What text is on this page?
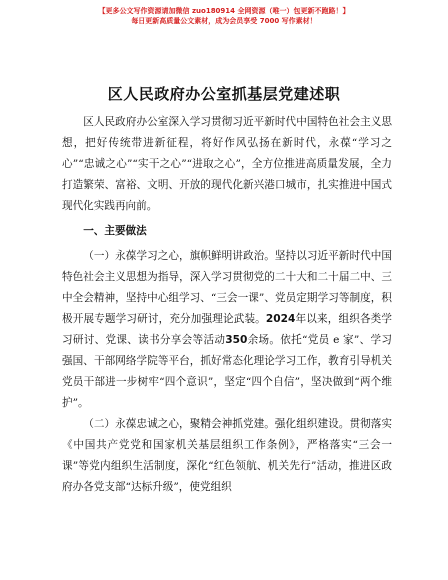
【更多公文写作资源请加微信 zuo180914 全网资源（唯一）包更新不跑路！】
每日更新高质量公文素材，成为会员享受 7000 写作素材！
区人民政府办公室抓基层党建述职

区人民政府办公室深入学习贯彻习近平新时代中国特色社会主义思想，把好传统带进新征程，将好作风弘扬在新时代，永葆“学习之心”“忠诚之心”“实干之心”“进取之心”，全方位推进高质量发展，全力打造繁荣、富裕、文明、开放的现代化新兴港口城市，扎实推进中国式现代化实践再向前。

一、主要做法

（一）永葆学习之心，旗帜鲜明讲政治。坚持以习近平新时代中国特色社会主义思想为指导，深入学习贯彻党的二十大和二十届二中、三中全会精神，坚持中心组学习、“三会一课”、党员定期学习等制度，积极开展专题学习研讨，充分加强理论武装。2024年以来，组织各类学习研讨、党课、读书分享会等活动350余场。依托“党员 e 家”、学习强国、干部网络学院等平台，抓好常态化理论学习工作，教育引导机关党员干部进一步树牢“四个意识”，坚定“四个自信”，坚决做到“两个维护”。

（二）永葆忠诚之心，聚精会神抓党建。强化组织建设。贯彻落实《中国共产党党和国家机关基层组织工作条例》，严格落实“三会一课”等党内组织生活制度，深化“红色领航、机关先行”活动，推进区政府办各党支部“达标升级”，使党组织
